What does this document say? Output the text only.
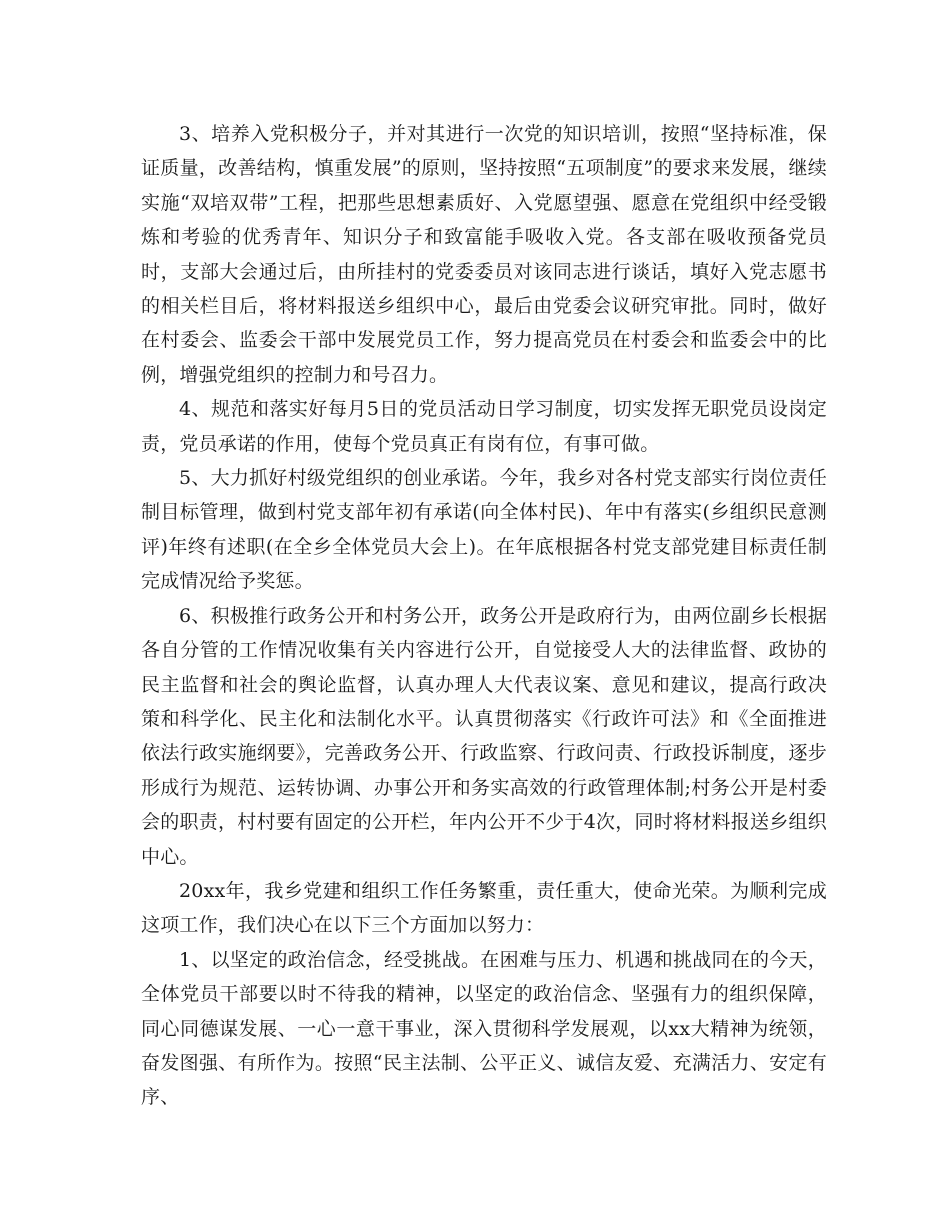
3、培养入党积极分子，并对其进行一次党的知识培训，按照“坚持标准，保证质量，改善结构，慎重发展”的原则，坚持按照“五项制度”的要求来发展，继续实施“双培双带”工程，把那些思想素质好、入党愿望强、愿意在党组织中经受锻炼和考验的优秀青年、知识分子和致富能手吸收入党。各支部在吸收预备党员时，支部大会通过后，由所挂村的党委委员对该同志进行谈话，填好入党志愿书的相关栏目后，将材料报送乡组织中心，最后由党委会议研究审批。同时，做好在村委会、监委会干部中发展党员工作，努力提高党员在村委会和监委会中的比例，增强党组织的控制力和号召力。

4、规范和落实好每月5日的党员活动日学习制度，切实发挥无职党员设岗定责，党员承诺的作用，使每个党员真正有岗有位，有事可做。

5、大力抓好村级党组织的创业承诺。今年，我乡对各村党支部实行岗位责任制目标管理，做到村党支部年初有承诺(向全体村民)、年中有落实(乡组织民意测评)年终有述职(在全乡全体党员大会上)。在年底根据各村党支部党建目标责任制完成情况给予奖惩。

6、积极推行政务公开和村务公开，政务公开是政府行为，由两位副乡长根据各自分管的工作情况收集有关内容进行公开，自觉接受人大的法律监督、政协的民主监督和社会的舆论监督，认真办理人大代表议案、意见和建议，提高行政决策和科学化、民主化和法制化水平。认真贯彻落实《行政许可法》和《全面推进依法行政实施纲要》，完善政务公开、行政监察、行政问责、行政投诉制度，逐步形成行为规范、运转协调、办事公开和务实高效的行政管理体制;村务公开是村委会的职责，村村要有固定的公开栏，年内公开不少于4次，同时将材料报送乡组织中心。

20xx年，我乡党建和组织工作任务繁重，责任重大，使命光荣。为顺利完成这项工作，我们决心在以下三个方面加以努力：

1、以坚定的政治信念，经受挑战。在困难与压力、机遇和挑战同在的今天，全体党员干部要以时不待我的精神，以坚定的政治信念、坚强有力的组织保障，同心同德谋发展、一心一意干事业，深入贯彻科学发展观，以xx大精神为统领，奋发图强、有所作为。按照“民主法制、公平正义、诚信友爱、充满活力、安定有序、
